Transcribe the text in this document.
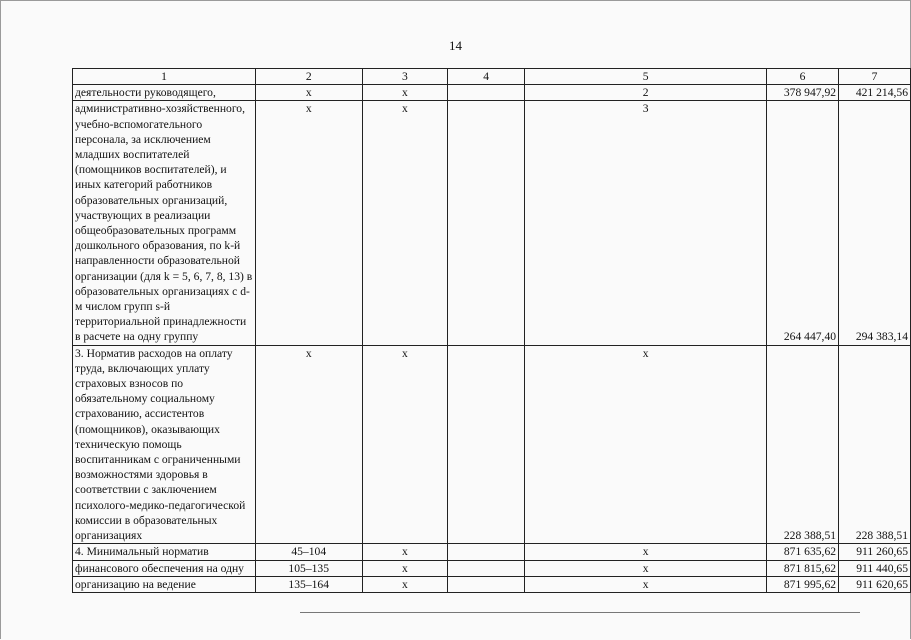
14
1	2	3	4	5	6	7
деятельности руководящего,	х	х		2	378 947,92	421 214,56
административно-хозяйственного, учебно-вспомогательного персонала, за исключением младших воспитателей (помощников воспитателей), и иных категорий работников образовательных организаций, участвующих в реализации общеобразовательных программ дошкольного образования, по k-й направленности образовательной организации (для k = 5, 6, 7, 8, 13) в образовательных организациях с d-м числом групп s-й территориальной принадлежности в расчете на одну группу	х	х		3	264 447,40	294 383,14
3. Норматив расходов на оплату труда, включающих уплату страховых взносов по обязательному социальному страхованию, ассистентов (помощников), оказывающих техническую помощь воспитанникам с ограниченными возможностями здоровья в соответствии с заключением психолого-медико-педагогической комиссии в образовательных организациях	х	х		х	228 388,51	228 388,51
4. Минимальный норматив	45–104	х		х	871 635,62	911 260,65
финансового обеспечения на одну	105–135	х		х	871 815,62	911 440,65
организацию на ведение	135–164	х		х	871 995,62	911 620,65
